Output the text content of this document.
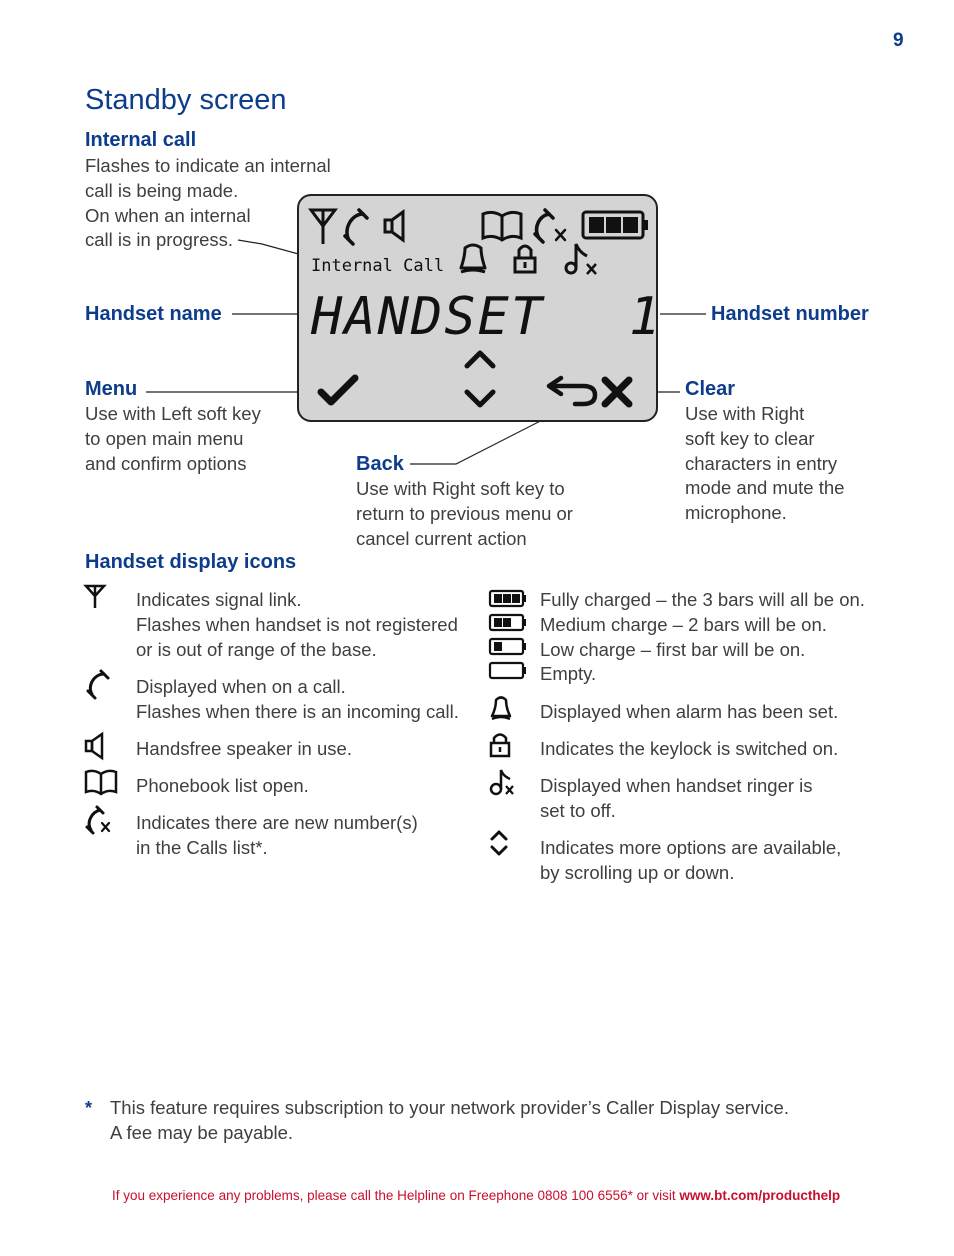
9
Standby screen
Internal call
Flashes to indicate an internal
call is being made.
On when an internal
call is in progress.
Handset name	Handset number
Menu
Use with Left soft key
to open main menu
and confirm options	Back
Use with Right soft key to
return to previous menu or
cancel current action
Clear
Use with Right
soft key to clear
characters in entry
mode and mute the
microphone.
HANDSET 1
Internal Call
Handset display icons
Indicates signal link.
Flashes when handset is not registered
or is out of range of the base.
Displayed when on a call.
Flashes when there is an incoming call.
Handsfree speaker in use.
Phonebook list open.
Indicates there are new number(s)
in the Calls list*.
Fully charged – the 3 bars will all be on.
Medium charge – 2 bars will be on.
Low charge – first bar will be on.
Empty.
Displayed when alarm has been set.
Indicates the keylock is switched on.
Displayed when handset ringer is
set to off.
Indicates more options are available,
by scrolling up or down.
* This feature requires subscription to your network provider’s Caller Display service.
A fee may be payable.
If you experience any problems, please call the Helpline on Freephone 0808 100 6556* or visit www.bt.com/producthelp
